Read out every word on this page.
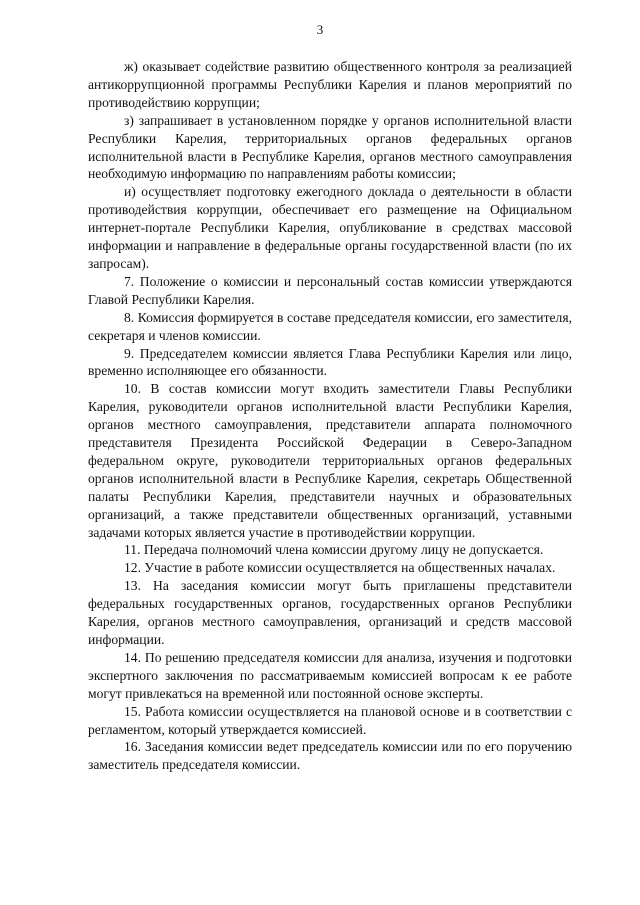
3

ж) оказывает содействие развитию общественного контроля за реализацией антикоррупционной программы Республики Карелия и планов мероприятий по противодействию коррупции;

з) запрашивает в установленном порядке у органов исполнительной власти Республики Карелия, территориальных органов федеральных органов исполнительной власти в Республике Карелия, органов местного самоуправления необходимую информацию по направлениям работы комиссии;

и) осуществляет подготовку ежегодного доклада о деятельности в области противодействия коррупции, обеспечивает его размещение на Официальном интернет-портале Республики Карелия, опубликование в средствах массовой информации и направление в федеральные органы государственной власти (по их запросам).

7. Положение о комиссии и персональный состав комиссии утверждаются Главой Республики Карелия.

8. Комиссия формируется в составе председателя комиссии, его заместителя, секретаря и членов комиссии.

9. Председателем комиссии является Глава Республики Карелия или лицо, временно исполняющее его обязанности.

10. В состав комиссии могут входить заместители Главы Республики Карелия, руководители органов исполнительной власти Республики Карелия, органов местного самоуправления, представители аппарата полномочного представителя Президента Российской Федерации в Северо-Западном федеральном округе, руководители территориальных органов федеральных органов исполнительной власти в Республике Карелия, секретарь Общественной палаты Республики Карелия, представители научных и образовательных организаций, а также представители общественных организаций, уставными задачами которых является участие в противодействии коррупции.

11. Передача полномочий члена комиссии другому лицу не допускается.

12. Участие в работе комиссии осуществляется на общественных началах.

13. На заседания комиссии могут быть приглашены представители федеральных государственных органов, государственных органов Республики Карелия, органов местного самоуправления, организаций и средств массовой информации.

14. По решению председателя комиссии для анализа, изучения и подготовки экспертного заключения по рассматриваемым комиссией вопросам к ее работе могут привлекаться на временной или постоянной основе эксперты.

15. Работа комиссии осуществляется на плановой основе и в соответствии с регламентом, который утверждается комиссией.

16. Заседания комиссии ведет председатель комиссии или по его поручению заместитель председателя комиссии.
